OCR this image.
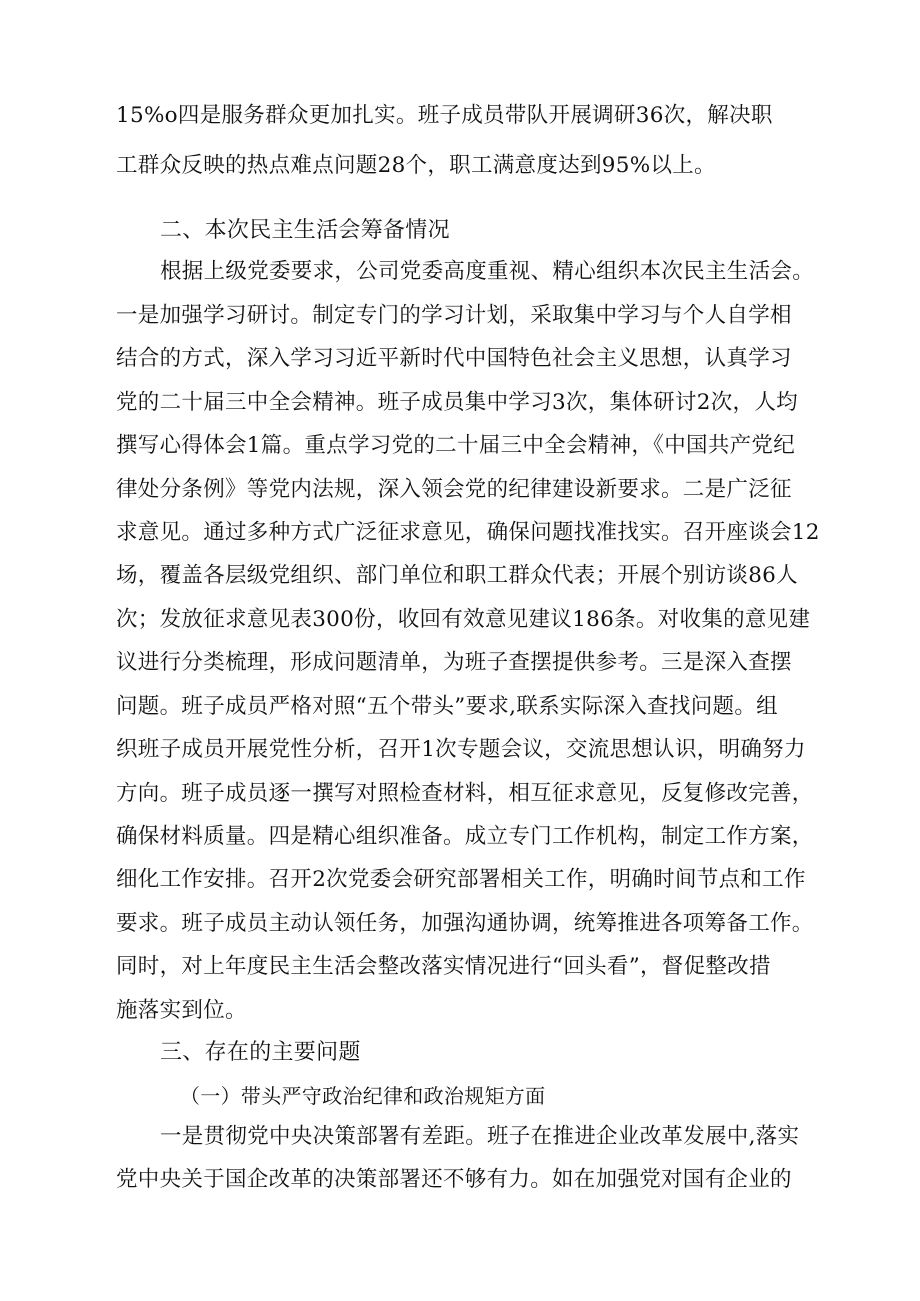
15%o四是服务群众更加扎实。班子成员带队开展调研36次，解决职
工群众反映的热点难点问题28个，职工满意度达到95%以上。
二、本次民主生活会筹备情况
根据上级党委要求，公司党委高度重视、精心组织本次民主生活会。
一是加强学习研讨。制定专门的学习计划，采取集中学习与个人自学相
结合的方式，深入学习习近平新时代中国特色社会主义思想，认真学习
党的二十届三中全会精神。班子成员集中学习3次，集体研讨2次，人均
撰写心得体会1篇。重点学习党的二十届三中全会精神，《中国共产党纪
律处分条例》等党内法规，深入领会党的纪律建设新要求。二是广泛征
求意见。通过多种方式广泛征求意见，确保问题找准找实。召开座谈会12
场，覆盖各层级党组织、部门单位和职工群众代表；开展个别访谈86人
次；发放征求意见表300份，收回有效意见建议186条。对收集的意见建
议进行分类梳理，形成问题清单，为班子查摆提供参考。三是深入查摆
问题。班子成员严格对照“五个带头”要求,联系实际深入查找问题。组
织班子成员开展党性分析，召开1次专题会议，交流思想认识，明确努力
方向。班子成员逐一撰写对照检查材料，相互征求意见，反复修改完善，
确保材料质量。四是精心组织准备。成立专门工作机构，制定工作方案，
细化工作安排。召开2次党委会研究部署相关工作，明确时间节点和工作
要求。班子成员主动认领任务，加强沟通协调，统筹推进各项筹备工作。
同时，对上年度民主生活会整改落实情况进行“回头看”，督促整改措
施落实到位。
三、存在的主要问题
（一）带头严守政治纪律和政治规矩方面
一是贯彻党中央决策部署有差距。班子在推进企业改革发展中,落实
党中央关于国企改革的决策部署还不够有力。如在加强党对国有企业的
